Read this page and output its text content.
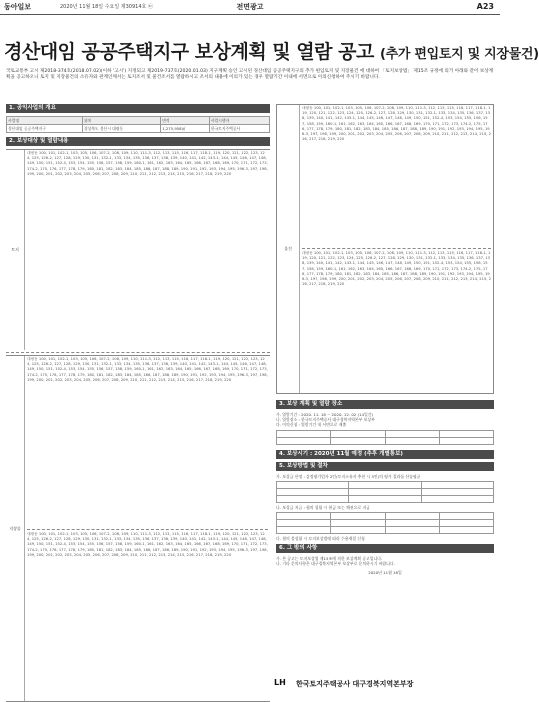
동아일보	2020년 11월 18일 수요일 제30914호 ㉢	전면광고	A23
경산대임 공공주택지구 보상계획 및 열람 공고 (추가 편입토지 및 지장물건)
국토교통부 고시 제2018-374호(2018.07.02)(이하 '고시') 지정되고 제2019-737호(2020.01.03) 지구계획 승인 고시된 경산대임 공공주택지구의 추가 편입토지 및 지장물건 에 대하여 「토지보상법」 제15조 규정에 의거 아래와 같이 보상계획을 공고하오니 토지 및 지장물건의 소유자와 관계인께서는 토지조서 및 물건조서를 열람하시고 조서의 내용에 이의가 있는 경우 열람기간 이내에 서면으로 이의신청하여 주시기 바랍니다.
1. 공익사업의 개요
사업명	위치	면적	사업시행자
경산대임 공공주택지구	경상북도 경산시 대평동	1,275,958㎡	한국토지주택공사
2. 보상대상 및 열람내용
토지
대평동 100, 101, 102-1, 103, 105, 106, 107-2, 108, 109, 110, 111-3, 112, 113, 115, 116, 117, 118-1, 119, 120, 121, 122, 123, 124, 125, 126-2, 127, 128, 129, 130, 131, 132-1, 133, 134, 135, 136, 137, 138, 139, 140, 141, 142, 143-1, 144, 145, 146, 147, 148, 149, 150, 151, 152-4, 153, 154, 155, 156, 157, 158, 159, 160-1, 161, 162, 163, 164, 165, 166, 167, 168, 169, 170, 171, 172, 173, 174-2, 175, 176, 177, 178, 179, 180, 181, 182, 183, 184, 185, 186, 187, 188, 189, 190, 191, 192, 193, 194, 195, 196-3, 197, 198, 199, 200, 201, 202, 203, 204, 205, 206, 207, 208, 209, 210, 211, 212, 213, 214, 215, 216, 217, 218, 219, 220
지장물
대평동 100, 101, 102-1, 103, 105, 106, 107-2, 108, 109, 110, 111-3, 112, 113, 115, 116, 117, 118-1, 119, 120, 121, 122, 123, 124, 125, 126-2, 127, 128, 129, 130, 131, 132-1, 133, 134, 135, 136, 137, 138, 139, 140, 141, 142, 143-1, 144, 145, 146, 147, 148, 149, 150, 151, 152-4, 153, 154, 155, 156, 157, 158, 159, 160-1, 161, 162, 163, 164, 165, 166, 167, 168, 169, 170, 171, 172, 173, 174-2, 175, 176, 177, 178, 179, 180, 181, 182, 183, 184, 185, 186, 187, 188, 189, 190, 191, 192, 193, 194, 195, 196-3, 197, 198, 199, 200, 201, 202, 203, 204, 205, 206, 207, 208, 209, 210, 211, 212, 213, 214, 215, 216, 217, 218, 219, 220
대평동 100, 101, 102-1, 103, 105, 106, 107-2, 108, 109, 110, 111-3, 112, 113, 115, 116, 117, 118-1, 119, 120, 121, 122, 123, 124, 125, 126-2, 127, 128, 129, 130, 131, 132-1, 133, 134, 135, 136, 137, 138, 139, 140, 141, 142, 143-1, 144, 145, 146, 147, 148, 149, 150, 151, 152-4, 153, 154, 155, 156, 157, 158, 159, 160-1, 161, 162, 163, 164, 165, 166, 167, 168, 169, 170, 171, 172, 173, 174-2, 175, 176, 177, 178, 179, 180, 181, 182, 183, 184, 185, 186, 187, 188, 189, 190, 191, 192, 193, 194, 195, 196-3, 197, 198, 199, 200, 201, 202, 203, 204, 205, 206, 207, 208, 209, 210, 211, 212, 213, 214, 215, 216, 217, 218, 219, 220
물건
대평동 100, 101, 102-1, 103, 105, 106, 107-2, 108, 109, 110, 111-3, 112, 113, 115, 116, 117, 118-1, 119, 120, 121, 122, 123, 124, 125, 126-2, 127, 128, 129, 130, 131, 132-1, 133, 134, 135, 136, 137, 138, 139, 140, 141, 142, 143-1, 144, 145, 146, 147, 148, 149, 150, 151, 152-4, 153, 154, 155, 156, 157, 158, 159, 160-1, 161, 162, 163, 164, 165, 166, 167, 168, 169, 170, 171, 172, 173, 174-2, 175, 176, 177, 178, 179, 180, 181, 182, 183, 184, 185, 186, 187, 188, 189, 190, 191, 192, 193, 194, 195, 196-3, 197, 198, 199, 200, 201, 202, 203, 204, 205, 206, 207, 208, 209, 210, 211, 212, 213, 214, 215, 216, 217, 218, 219, 220
대평동 100, 101, 102-1, 103, 105, 106, 107-2, 108, 109, 110, 111-3, 112, 113, 115, 116, 117, 118-1, 119, 120, 121, 122, 123, 124, 125, 126-2, 127, 128, 129, 130, 131, 132-1, 133, 134, 135, 136, 137, 138, 139, 140, 141, 142, 143-1, 144, 145, 146, 147, 148, 149, 150, 151, 152-4, 153, 154, 155, 156, 157, 158, 159, 160-1, 161, 162, 163, 164, 165, 166, 167, 168, 169, 170, 171, 172, 173, 174-2, 175, 176, 177, 178, 179, 180, 181, 182, 183, 184, 185, 186, 187, 188, 189, 190, 191, 192, 193, 194, 195, 196-3, 197, 198, 199, 200, 201, 202, 203, 204, 205, 206, 207, 208, 209, 210, 211, 212, 213, 214, 215, 216, 217, 218, 219, 220
3. 보상 계획 및 열람 장소
가. 열람기간 : 2020. 11. 18 ~ 2020. 12. 02 (14일간)
나. 열람장소 : 한국토지주택공사 대구경북지역본부 보상부
다. 이의신청 : 열람기간 내 서면으로 제출

4. 보상시기 : 2020년 11월 예정 (추후 개별통보)
5. 보상방법 및 절차
가. 보상금 산정 : 감정평가업자 2인(토지소유자 추천 시 3인)의 평가 결과를 산술평균

나. 보상금 지급 : 협의 성립 시 현금 또는 채권으로 지급

다. 협의 불성립 시 토지보상법에 따라 수용재결 신청
6. 그 밖의 사항
가. 본 공고는 토지보상법 제15조에 의한 보상계획 공고입니다.
나. 기타 문의사항은 대구경북지역본부 보상부로 문의하시기 바랍니다.
2020년 11월 18일
LH 한국토지주택공사 대구경북지역본부장
